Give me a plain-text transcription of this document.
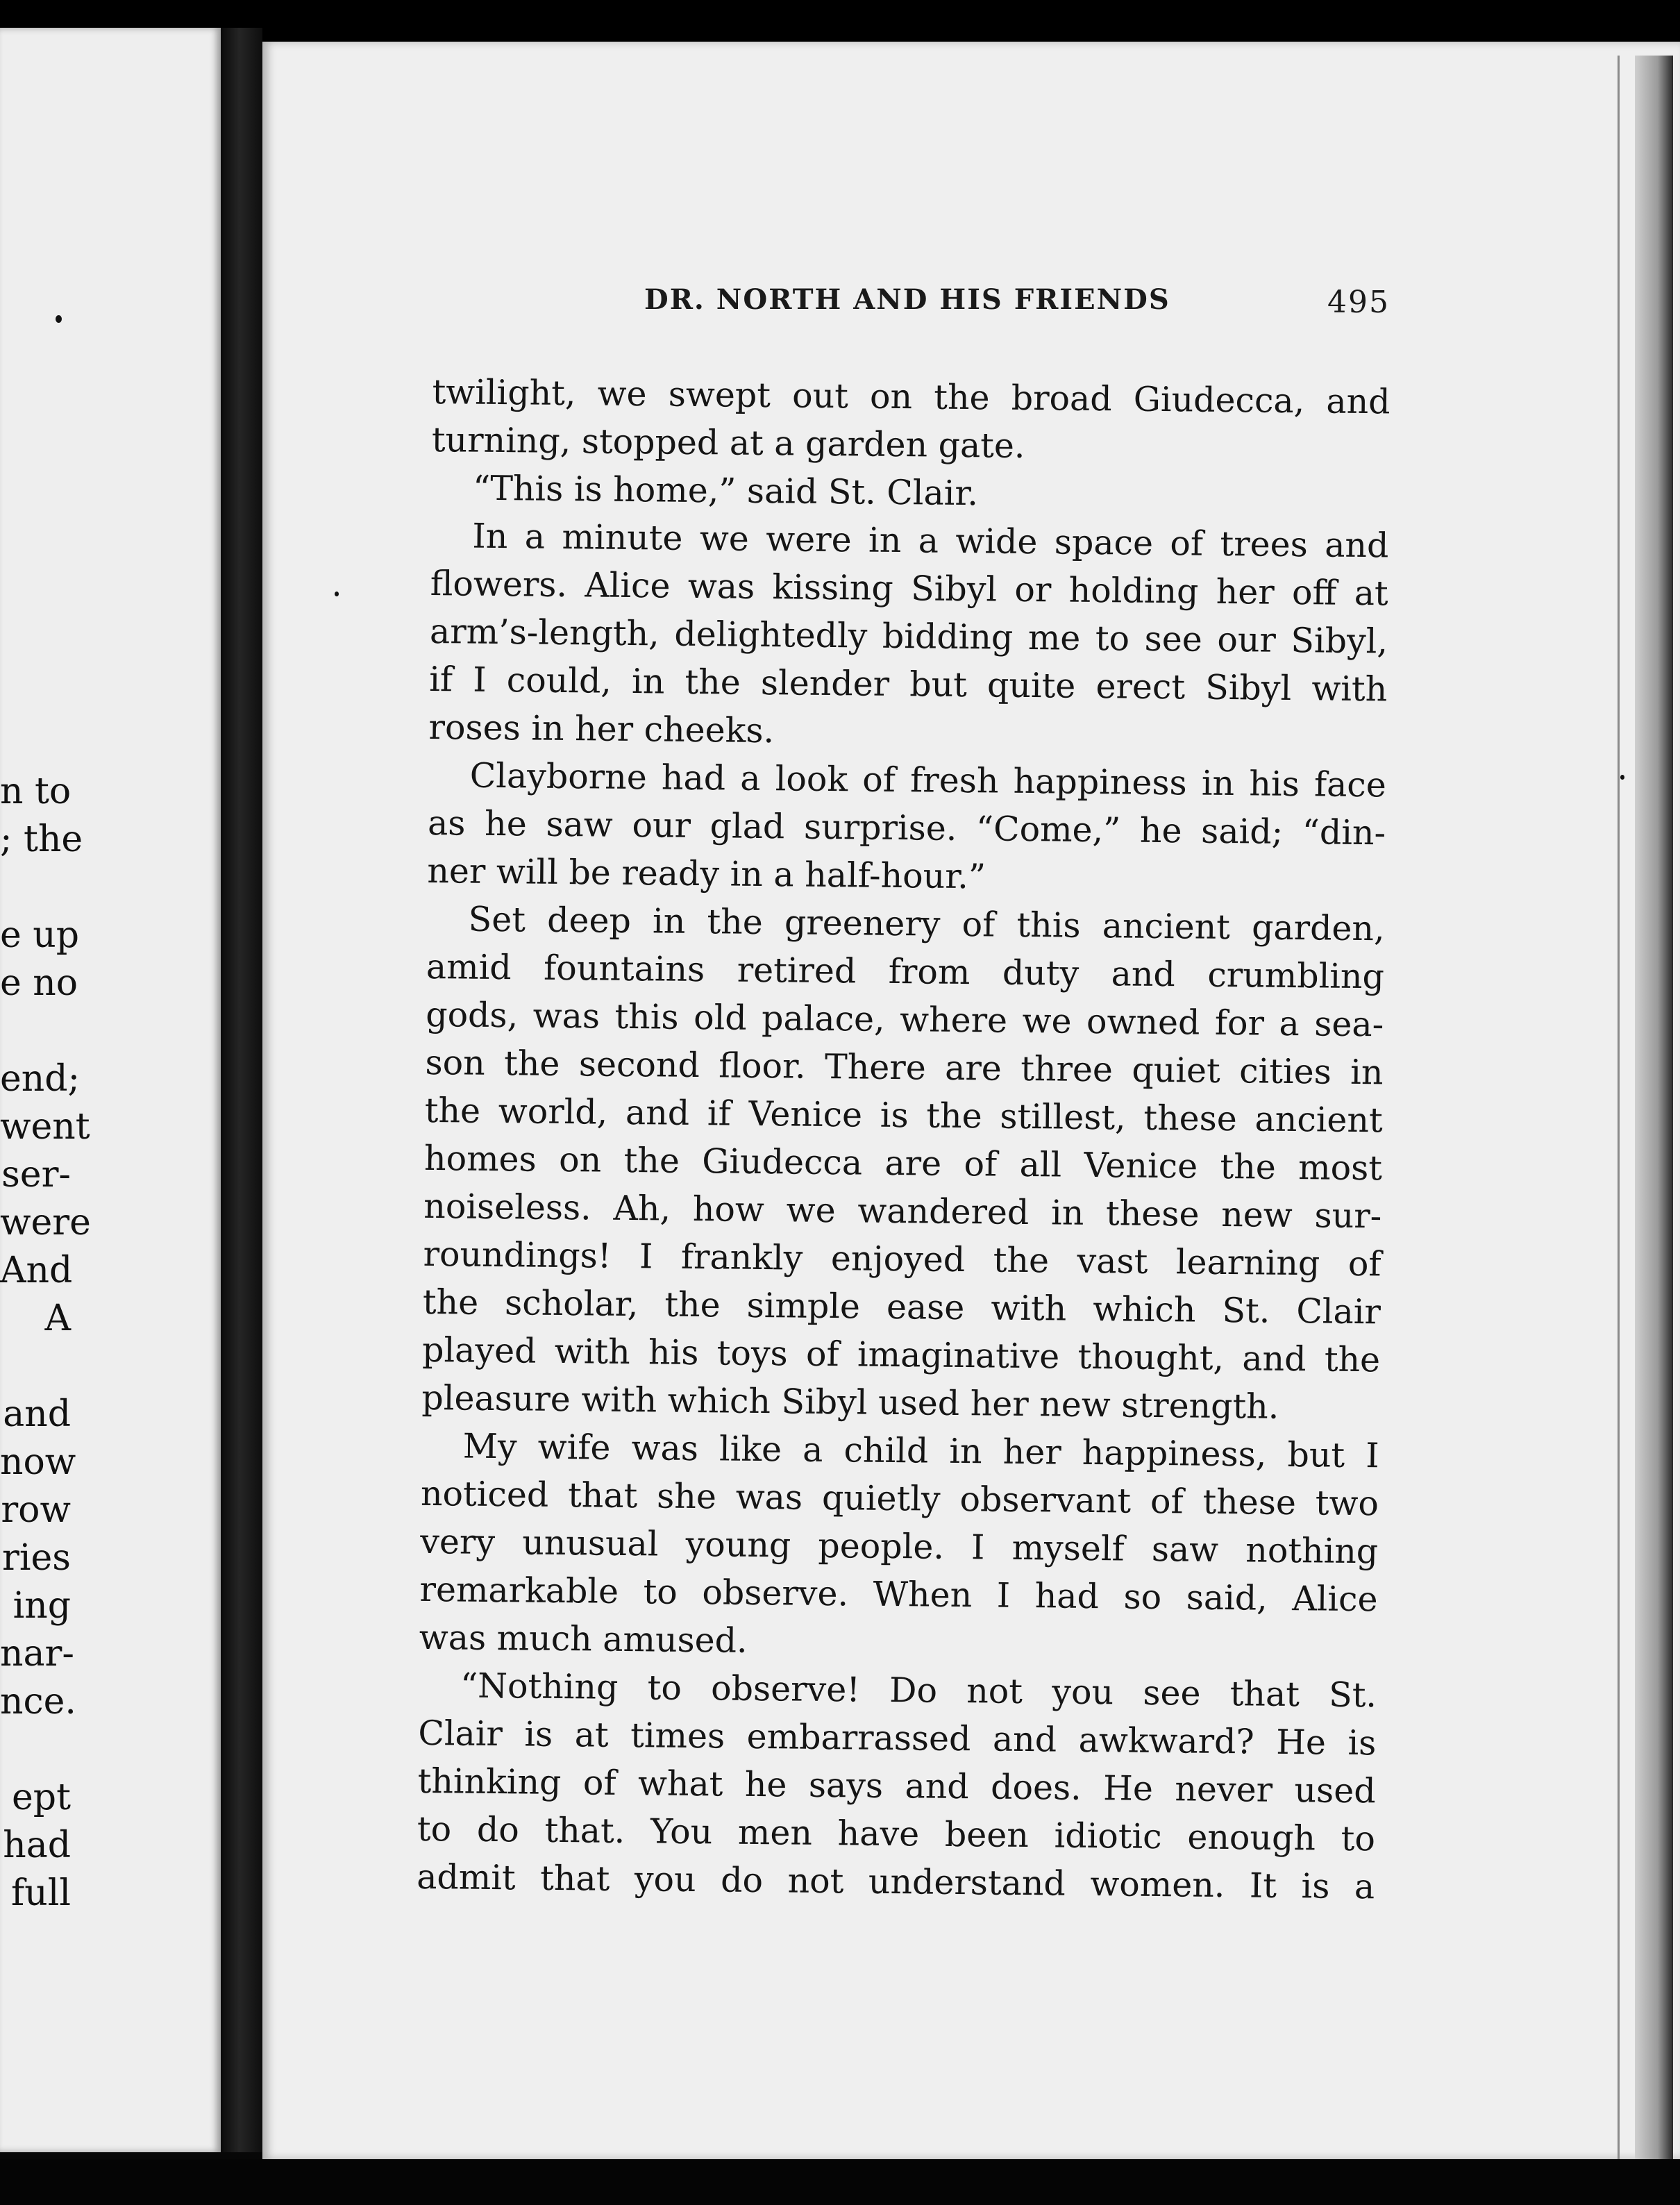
n to
; the
e up
e no
end;
went
ser-
were
And
A
and
now
row
ries
ing
nar-
nce.
ept
had
full
DR. NORTH AND HIS FRIENDS	495
twilight, we swept out on the broad Giudecca, and
turning, stopped at a garden gate.
“This is home,” said St. Clair.
In a minute we were in a wide space of trees and
flowers. Alice was kissing Sibyl or holding her off at
arm’s-length, delightedly bidding me to see our Sibyl,
if I could, in the slender but quite erect Sibyl with
roses in her cheeks.
Clayborne had a look of fresh happiness in his face
as he saw our glad surprise. “Come,” he said; “din-
ner will be ready in a half-hour.”
Set deep in the greenery of this ancient garden,
amid fountains retired from duty and crumbling
gods, was this old palace, where we owned for a sea-
son the second floor. There are three quiet cities in
the world, and if Venice is the stillest, these ancient
homes on the Giudecca are of all Venice the most
noiseless. Ah, how we wandered in these new sur-
roundings! I frankly enjoyed the vast learning of
the scholar, the simple ease with which St. Clair
played with his toys of imaginative thought, and the
pleasure with which Sibyl used her new strength.
My wife was like a child in her happiness, but I
noticed that she was quietly observant of these two
very unusual young people. I myself saw nothing
remarkable to observe. When I had so said, Alice
was much amused.
“Nothing to observe! Do not you see that St.
Clair is at times embarrassed and awkward? He is
thinking of what he says and does. He never used
to do that. You men have been idiotic enough to
admit that you do not understand women. It is a
